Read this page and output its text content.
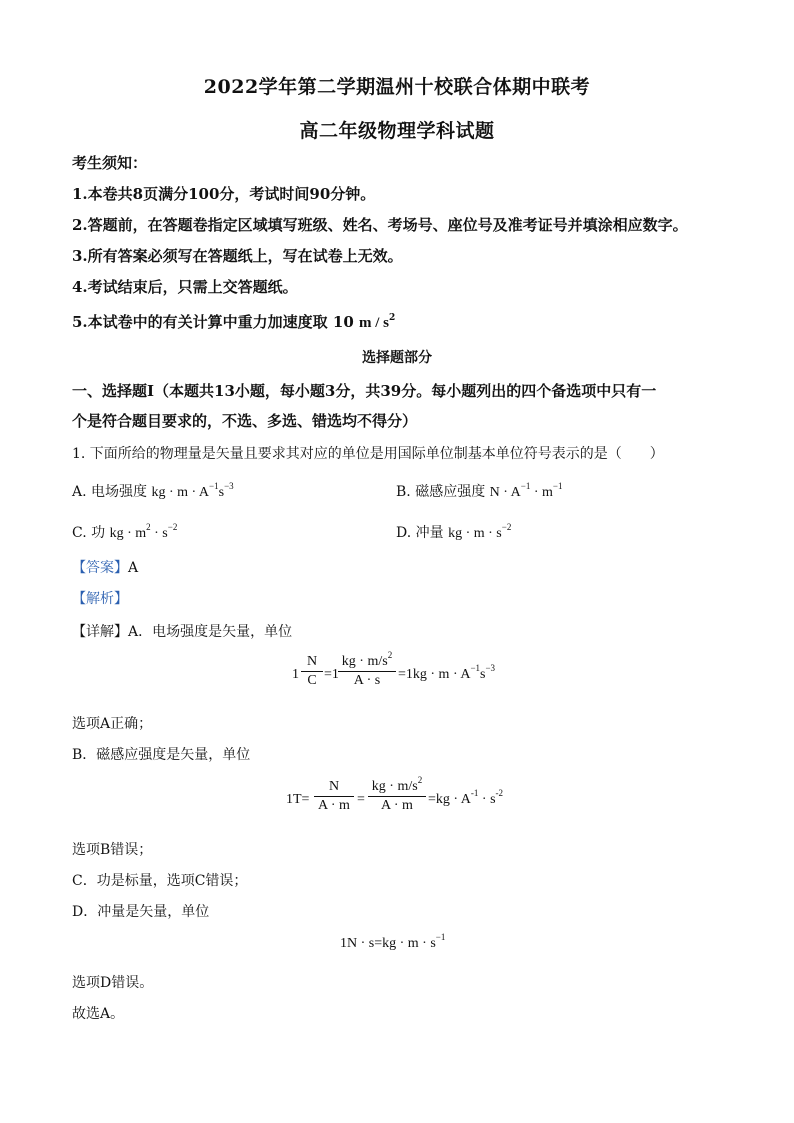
2022学年第二学期温州十校联合体期中联考
高二年级物理学科试题
考生须知：
1.本卷共8页满分100分，考试时间90分钟。
2.答题前，在答题卷指定区域填写班级、姓名、考场号、座位号及准考证号并填涂相应数字。
3.所有答案必须写在答题纸上，写在试卷上无效。
4.考试结束后，只需上交答题纸。
5.本试卷中的有关计算中重力加速度取 10 m / $s^2$
选择题部分
一、选择题Ⅰ（本题共13小题，每小题3分，共39分。每小题列出的四个备选项中只有一
个是符合题目要求的，不选、多选、错选均不得分）
1. 下面所给的物理量是矢量且要求其对应的单位是用国际单位制基本单位符号表示的是（　　）
A. 电场强度 kg · $m \cdot A^{-1}s^{-3}$	B. 磁感应强度 $N \cdot A^{-1} \cdot m^{-1}$
C. 功 kg · $m^2 \cdot s^{-2}$	D. 冲量 kg · $m \cdot s^{-2}$
【答案】A
【解析】
【详解】A．电场强度是矢量，单位
1
N
C =1
kg · $m/s^2$
A · s	$=1kg \cdot m \cdot A^{-1}s^{-3}$
选项A正确；
B．磁感应强度是矢量，单位
1T=
N
A · m =
kg · $m/s^2$
A · m	$=kg \cdot A^{-1} \cdot s^{-2}$
选项B错误；
C．功是标量，选项C错误；
D．冲量是矢量，单位
$1N \cdot s=kg \cdot m \cdot s^{-1}$
选项D错误。
故选A。
